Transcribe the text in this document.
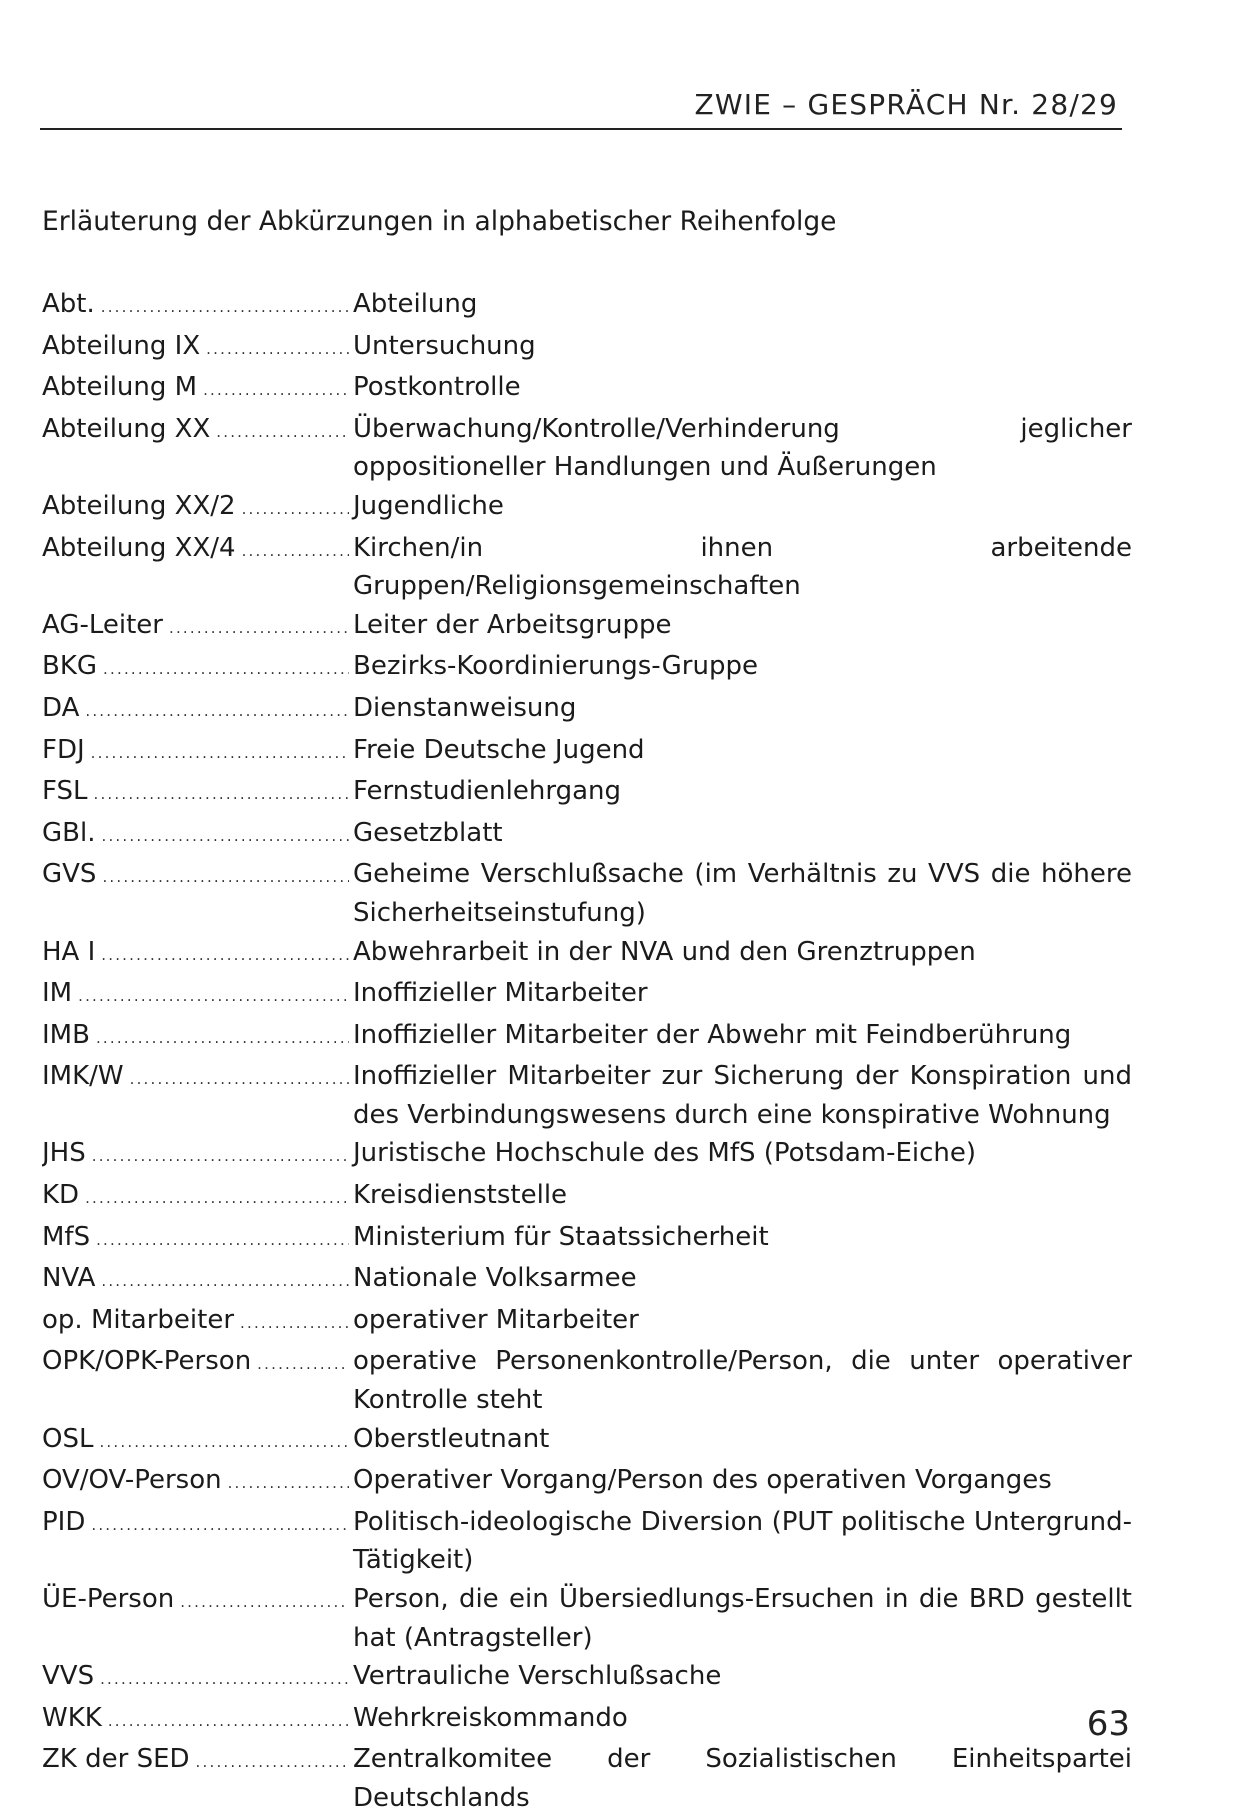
ZWIE – GESPRÄCH Nr. 28/29
Erläuterung der Abkürzungen in alphabetischer Reihenfolge
Abt. .....	Abteilung
Abteilung IX .....	Untersuchung
Abteilung M .....	Postkontrolle
Abteilung XX .....	Überwachung/Kontrolle/Verhinderung jeglicher oppositioneller Handlungen und Äußerungen
Abteilung XX/2 .....	Jugendliche
Abteilung XX/4 .....	Kirchen/in ihnen arbeitende Gruppen/Religionsgemeinschaften
AG-Leiter .....	Leiter der Arbeitsgruppe
BKG .....	Bezirks-Koordinierungs-Gruppe
DA .....	Dienstanweisung
FDJ .....	Freie Deutsche Jugend
FSL .....	Fernstudienlehrgang
GBl. .....	Gesetzblatt
GVS .....	Geheime Verschlußsache (im Verhältnis zu VVS die höhere Sicherheitseinstufung)
HA I .....	Abwehrarbeit in der NVA und den Grenztruppen
IM .....	Inoffizieller Mitarbeiter
IMB .....	Inoffizieller Mitarbeiter der Abwehr mit Feindberührung
IMK/W .....	Inoffizieller Mitarbeiter zur Sicherung der Konspiration und des Verbindungswesens durch eine konspirative Wohnung
JHS .....	Juristische Hochschule des MfS (Potsdam-Eiche)
KD .....	Kreisdienststelle
MfS .....	Ministerium für Staatssicherheit
NVA .....	Nationale Volksarmee
op. Mitarbeiter .....	operativer Mitarbeiter
OPK/OPK-Person .....	operative Personenkontrolle/Person, die unter operativer Kontrolle steht
OSL .....	Oberstleutnant
OV/OV-Person .....	Operativer Vorgang/Person des operativen Vorganges
PID .....	Politisch-ideologische Diversion (PUT politische Untergrund-Tätigkeit)
ÜE-Person .....	Person, die ein Übersiedlungs-Ersuchen in die BRD gestellt hat (Antragsteller)
VVS .....	Vertrauliche Verschlußsache
WKK .....	Wehrkreiskommando
ZK der SED .....	Zentralkomitee der Sozialistischen Einheitspartei Deutschlands
63
